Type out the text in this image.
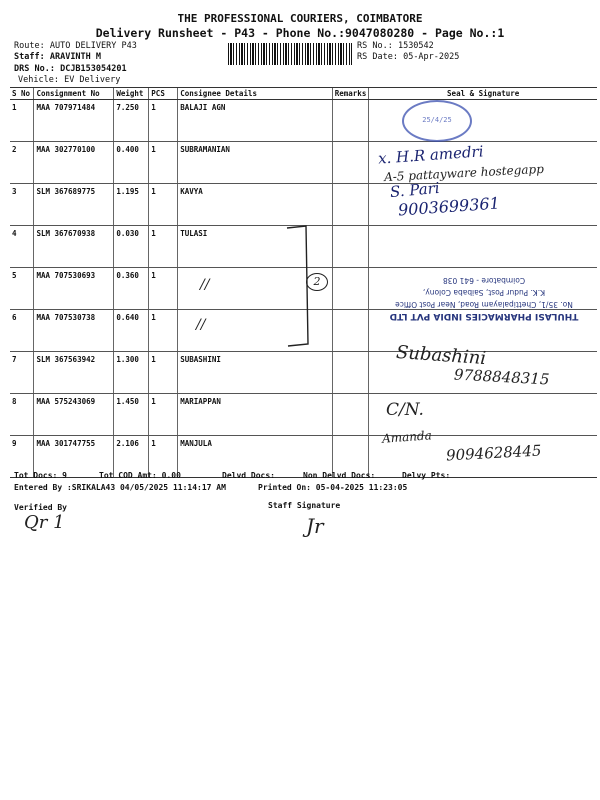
THE PROFESSIONAL COURIERS, COIMBATORE
Delivery Runsheet - P43 - Phone No.:9047080280 - Page No.:1
Route: AUTO DELIVERY P43
Staff: ARAVINTH M
DRS No.: DCJB153054201
Vehicle: EV Delivery
RS No.: 1530542
RS Date: 05-Apr-2025
S No	Consignment No	Weight	PCS	Consignee Details	Remarks	Seal & Signature
1	MAA 707971484	7.250	1	BALAJI AGN		
2	MAA 302770100	0.400	1	SUBRAMANIAN		
3	SLM 367689775	1.195	1	KAVYA		
4	SLM 367670938	0.030	1	TULASI		
5	MAA 707530693	0.360	1			
6	MAA 707530738	0.640	1			
7	SLM 367563942	1.300	1	SUBASHINI		
8	MAA 575243069	1.450	1	MARIAPPAN		
9	MAA 301747755	2.106	1	MANJULA		
25/4/25
THULASI PHARMACIES INDIA PVT LTD
No. 35/1, Chettipalayam Road, Near Post Office
K.K. Pudur Post, Saibaba Colony,
Coimbatore - 641 038
x. H.R amedri
A-5 pattayware hostegapp
S. Pari
9003699361
//
//
2
Subashini
9788848315
C/N.
Amanda
9094628445
Tot Docs: 9	Tot COD Amt: 0.00	Delvd Docs:	Non Delvd Docs:	Delvy Pts:
Entered By :SRIKALA43 04/05/2025 11:14:17 AM	Printed On: 05-04-2025 11:23:05
Verified By	Staff Signature
Qr 1	Jr
